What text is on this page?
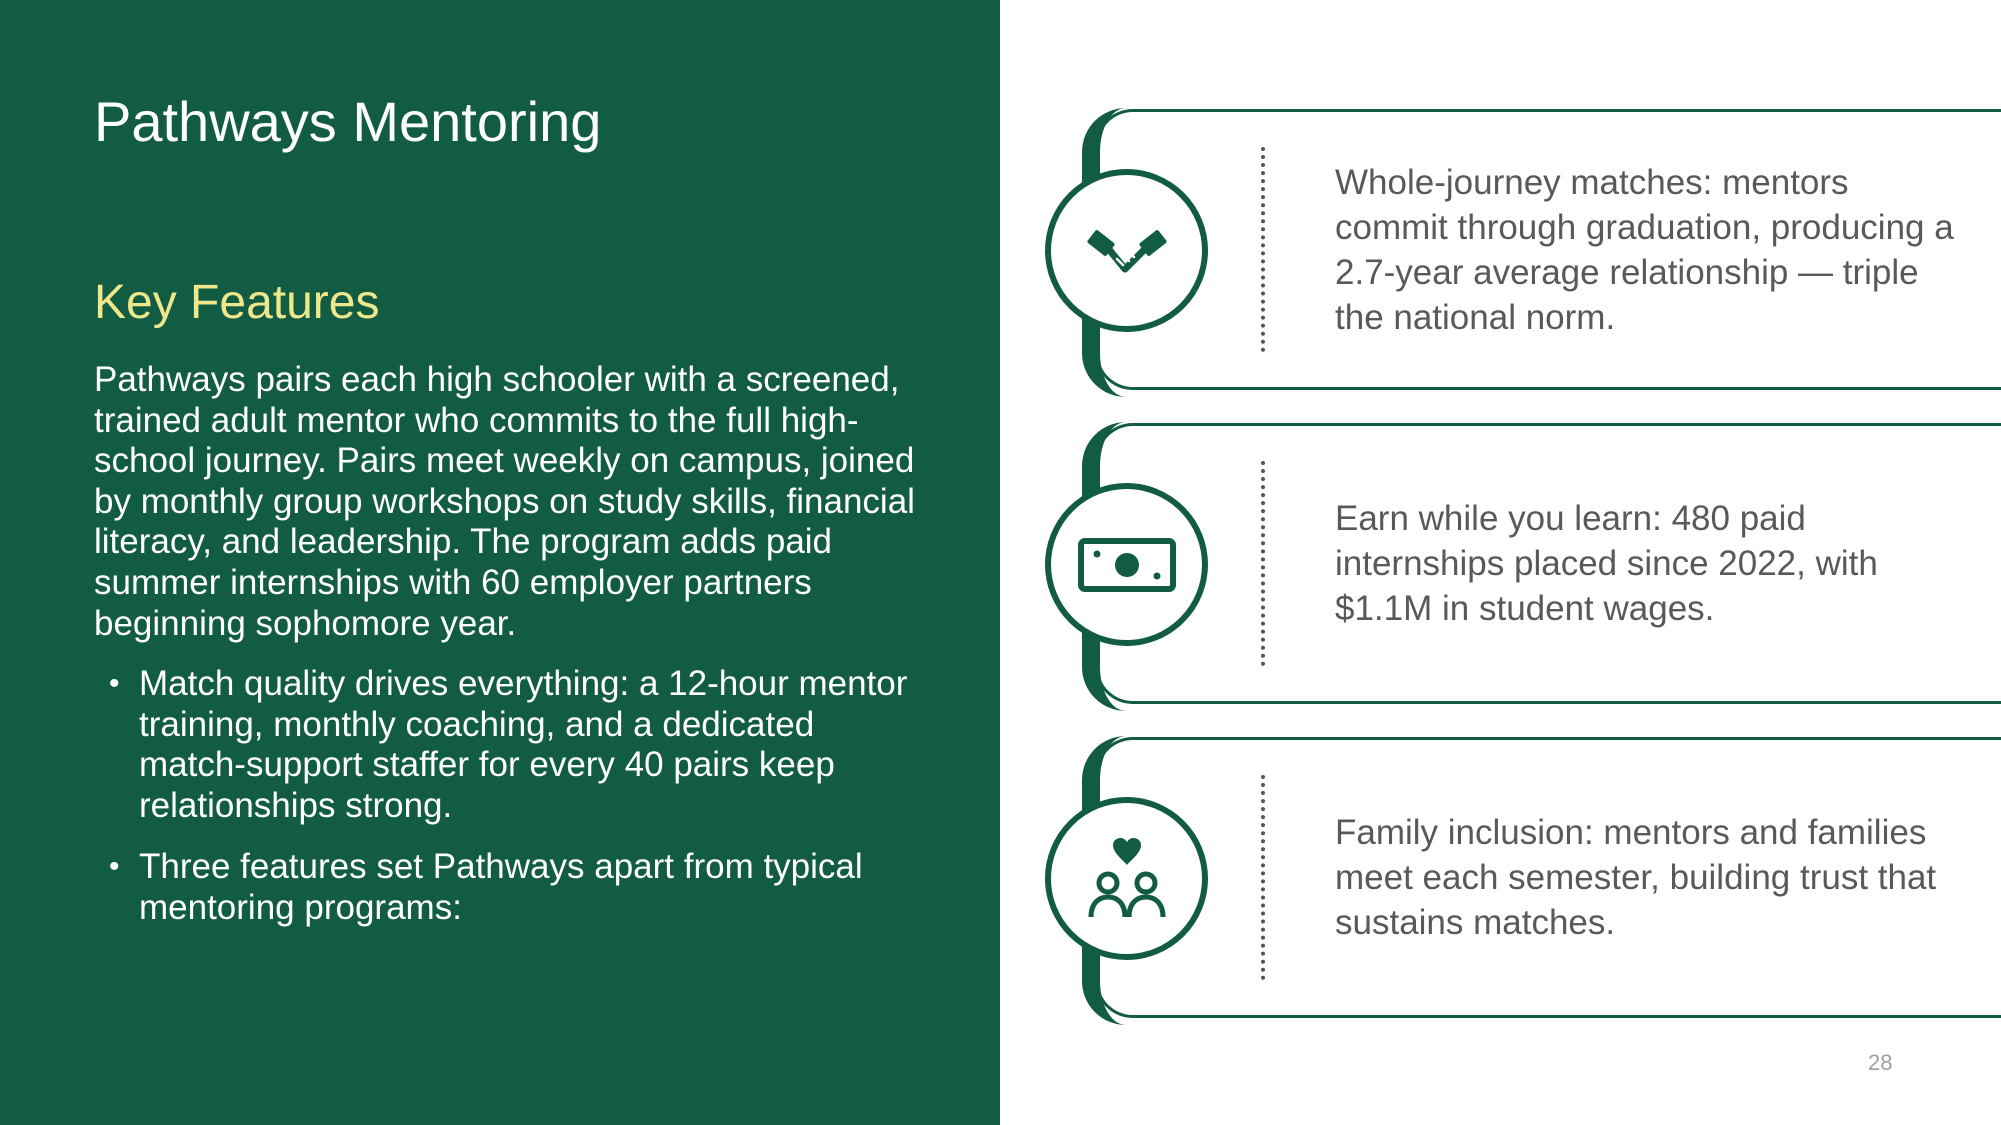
Pathways Mentoring
Key Features

Pathways pairs each high schooler with a screened, trained adult mentor who commits to the full high-school journey. Pairs meet weekly on campus, joined by monthly group workshops on study skills, financial literacy, and leadership. The program adds paid summer internships with 60 employer partners beginning sophomore year.

• Match quality drives everything: a 12-hour mentor training, monthly coaching, and a dedicated match-support staffer for every 40 pairs keep relationships strong.
• Three features set Pathways apart from typical mentoring programs:

Whole-journey matches: mentors commit through graduation, producing a 2.7-year average relationship — triple the national norm.

Earn while you learn: 480 paid internships placed since 2022, with $1.1M in student wages.

Family inclusion: mentors and families meet each semester, building trust that sustains matches.

28
